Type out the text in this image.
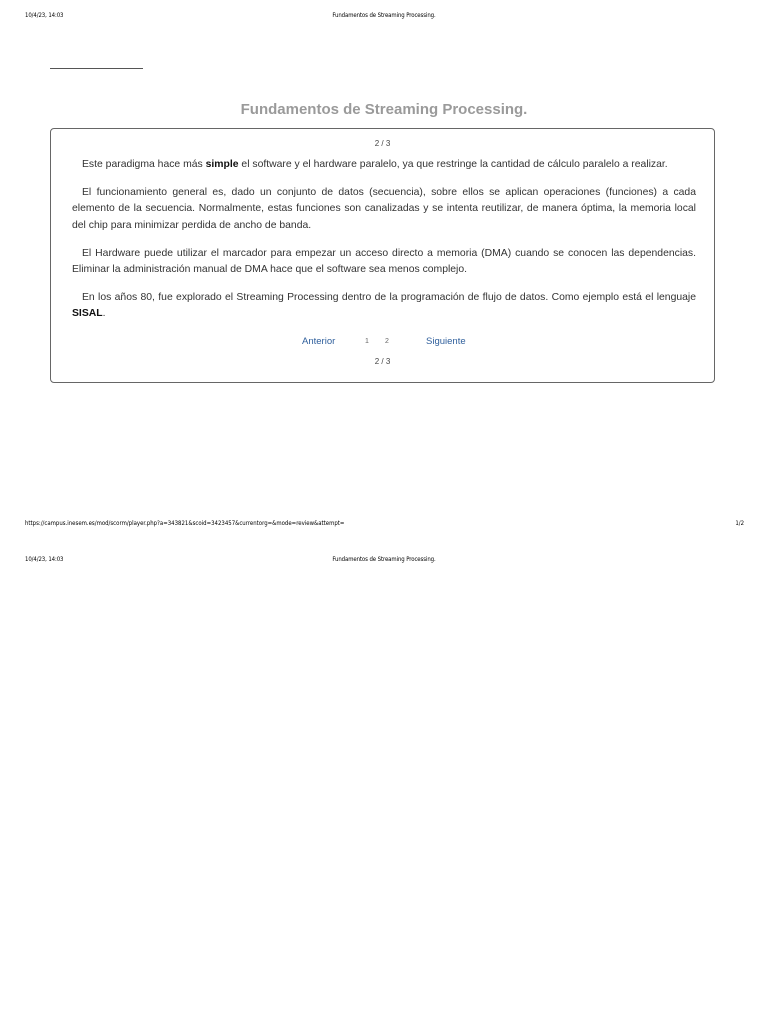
10/4/23, 14:03	Fundamentos de Streaming Processing.
Fundamentos de Streaming Processing.
2 / 3

Este paradigma hace más simple el software y el hardware paralelo, ya que restringe la cantidad de cálculo paralelo a realizar.

El funcionamiento general es, dado un conjunto de datos (secuencia), sobre ellos se aplican operaciones (funciones) a cada elemento de la secuencia. Normalmente, estas funciones son canalizadas y se intenta reutilizar, de manera óptima, la memoria local del chip para minimizar perdida de ancho de banda.

El Hardware puede utilizar el marcador para empezar un acceso directo a memoria (DMA) cuando se conocen las dependencias. Eliminar la administración manual de DMA hace que el software sea menos complejo.

En los años 80, fue explorado el Streaming Processing dentro de la programación de flujo de datos. Como ejemplo está el lenguaje SISAL.

Anterior	1 2	Siguiente
2 / 3
https://campus.inesem.es/mod/scorm/player.php?a=343821&scoid=3423457&currentorg=&mode=review&attempt=	1/2
10/4/23, 14:03	Fundamentos de Streaming Processing.
